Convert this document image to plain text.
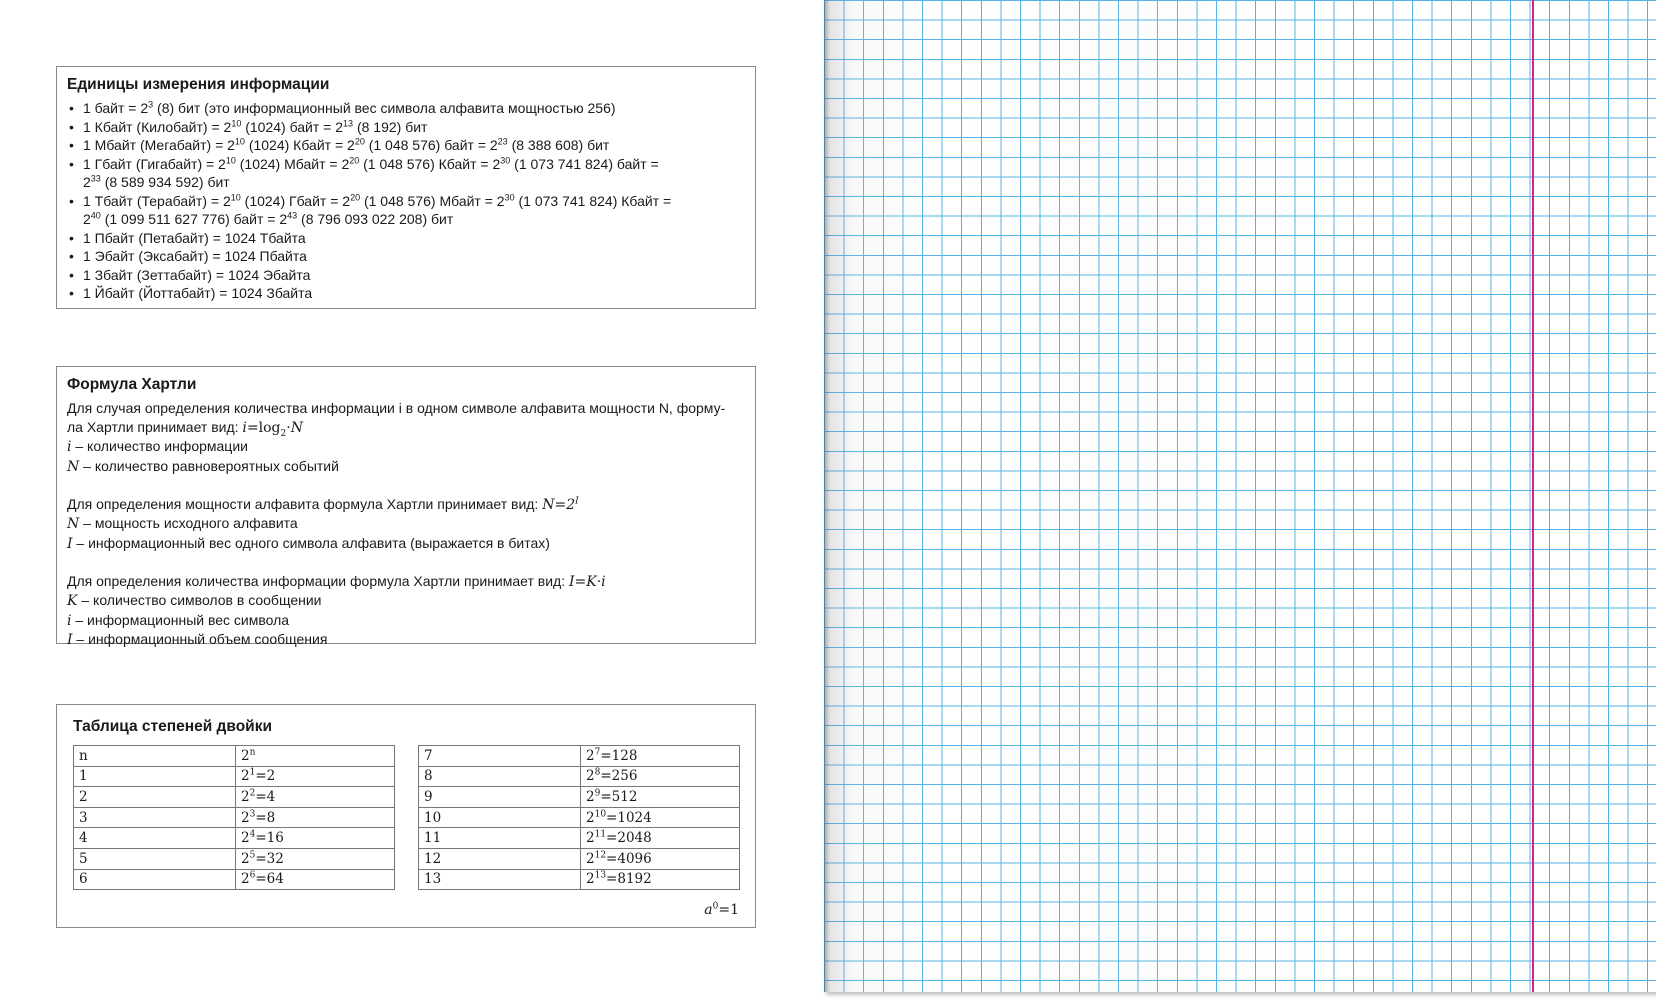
Единицы измерения информации
• 1 байт = $2^3$ (8) бит (это информационный вес символа алфавита мощностью 256)
• 1 Кбайт (Килобайт) = $2^{10}$ (1024) байт = $2^{13}$ (8 192) бит
• 1 Мбайт (Мегабайт) = $2^{10}$ (1024) Кбайт = $2^{20}$ (1 048 576) байт = $2^{23}$ (8 388 608) бит
• 1 Гбайт (Гигабайт) = $2^{10}$ (1024) Мбайт = $2^{20}$ (1 048 576) Кбайт = $2^{30}$ (1 073 741 824) байт =
$2^{33}$ (8 589 934 592) бит
• 1 Тбайт (Терабайт) = $2^{10}$ (1024) Гбайт = $2^{20}$ (1 048 576) Мбайт = $2^{30}$ (1 073 741 824) Кбайт =
$2^{40}$ (1 099 511 627 776) байт = $2^{43}$ (8 796 093 022 208) бит
• 1 Пбайт (Петабайт) = 1024 Тбайта
• 1 Эбайт (Эксабайт) = 1024 Пбайта
• 1 Збайт (Зеттабайт) = 1024 Эбайта
• 1 Йбайт (Йоттабайт) = 1024 Збайта
Формула Хартли

Для случая определения количества информации i в одном символе алфавита мощности N, форму-
ла Хартли принимает вид: $i=\log_2\cdot N$

i – количество информации

N – количество равновероятных событий

Для определения мощности алфавита формула Хартли принимает вид: $N=2^I$

N – мощность исходного алфавита

I – информационный вес одного символа алфавита (выражается в битах)

Для определения количества информации формула Хартли принимает вид: I=K·i

K – количество символов в сообщении

i – информационный вес символа

I – информационный объем сообщения

Таблица степеней двойки
n	2$^n$
1	$2^1=2$
2	$2^2=4$
3	$2^3=8$
4	$2^4=16$
5	$2^5=32$
6	$2^6=64$
7	$2^7=128$
8	$2^8=256$
9	$2^9=512$
10	$2^{10}=1024$
11	$2^{11}=2048$
12	$2^{12}=4096$
13	$2^{13}=8192$
$a^0=1$
